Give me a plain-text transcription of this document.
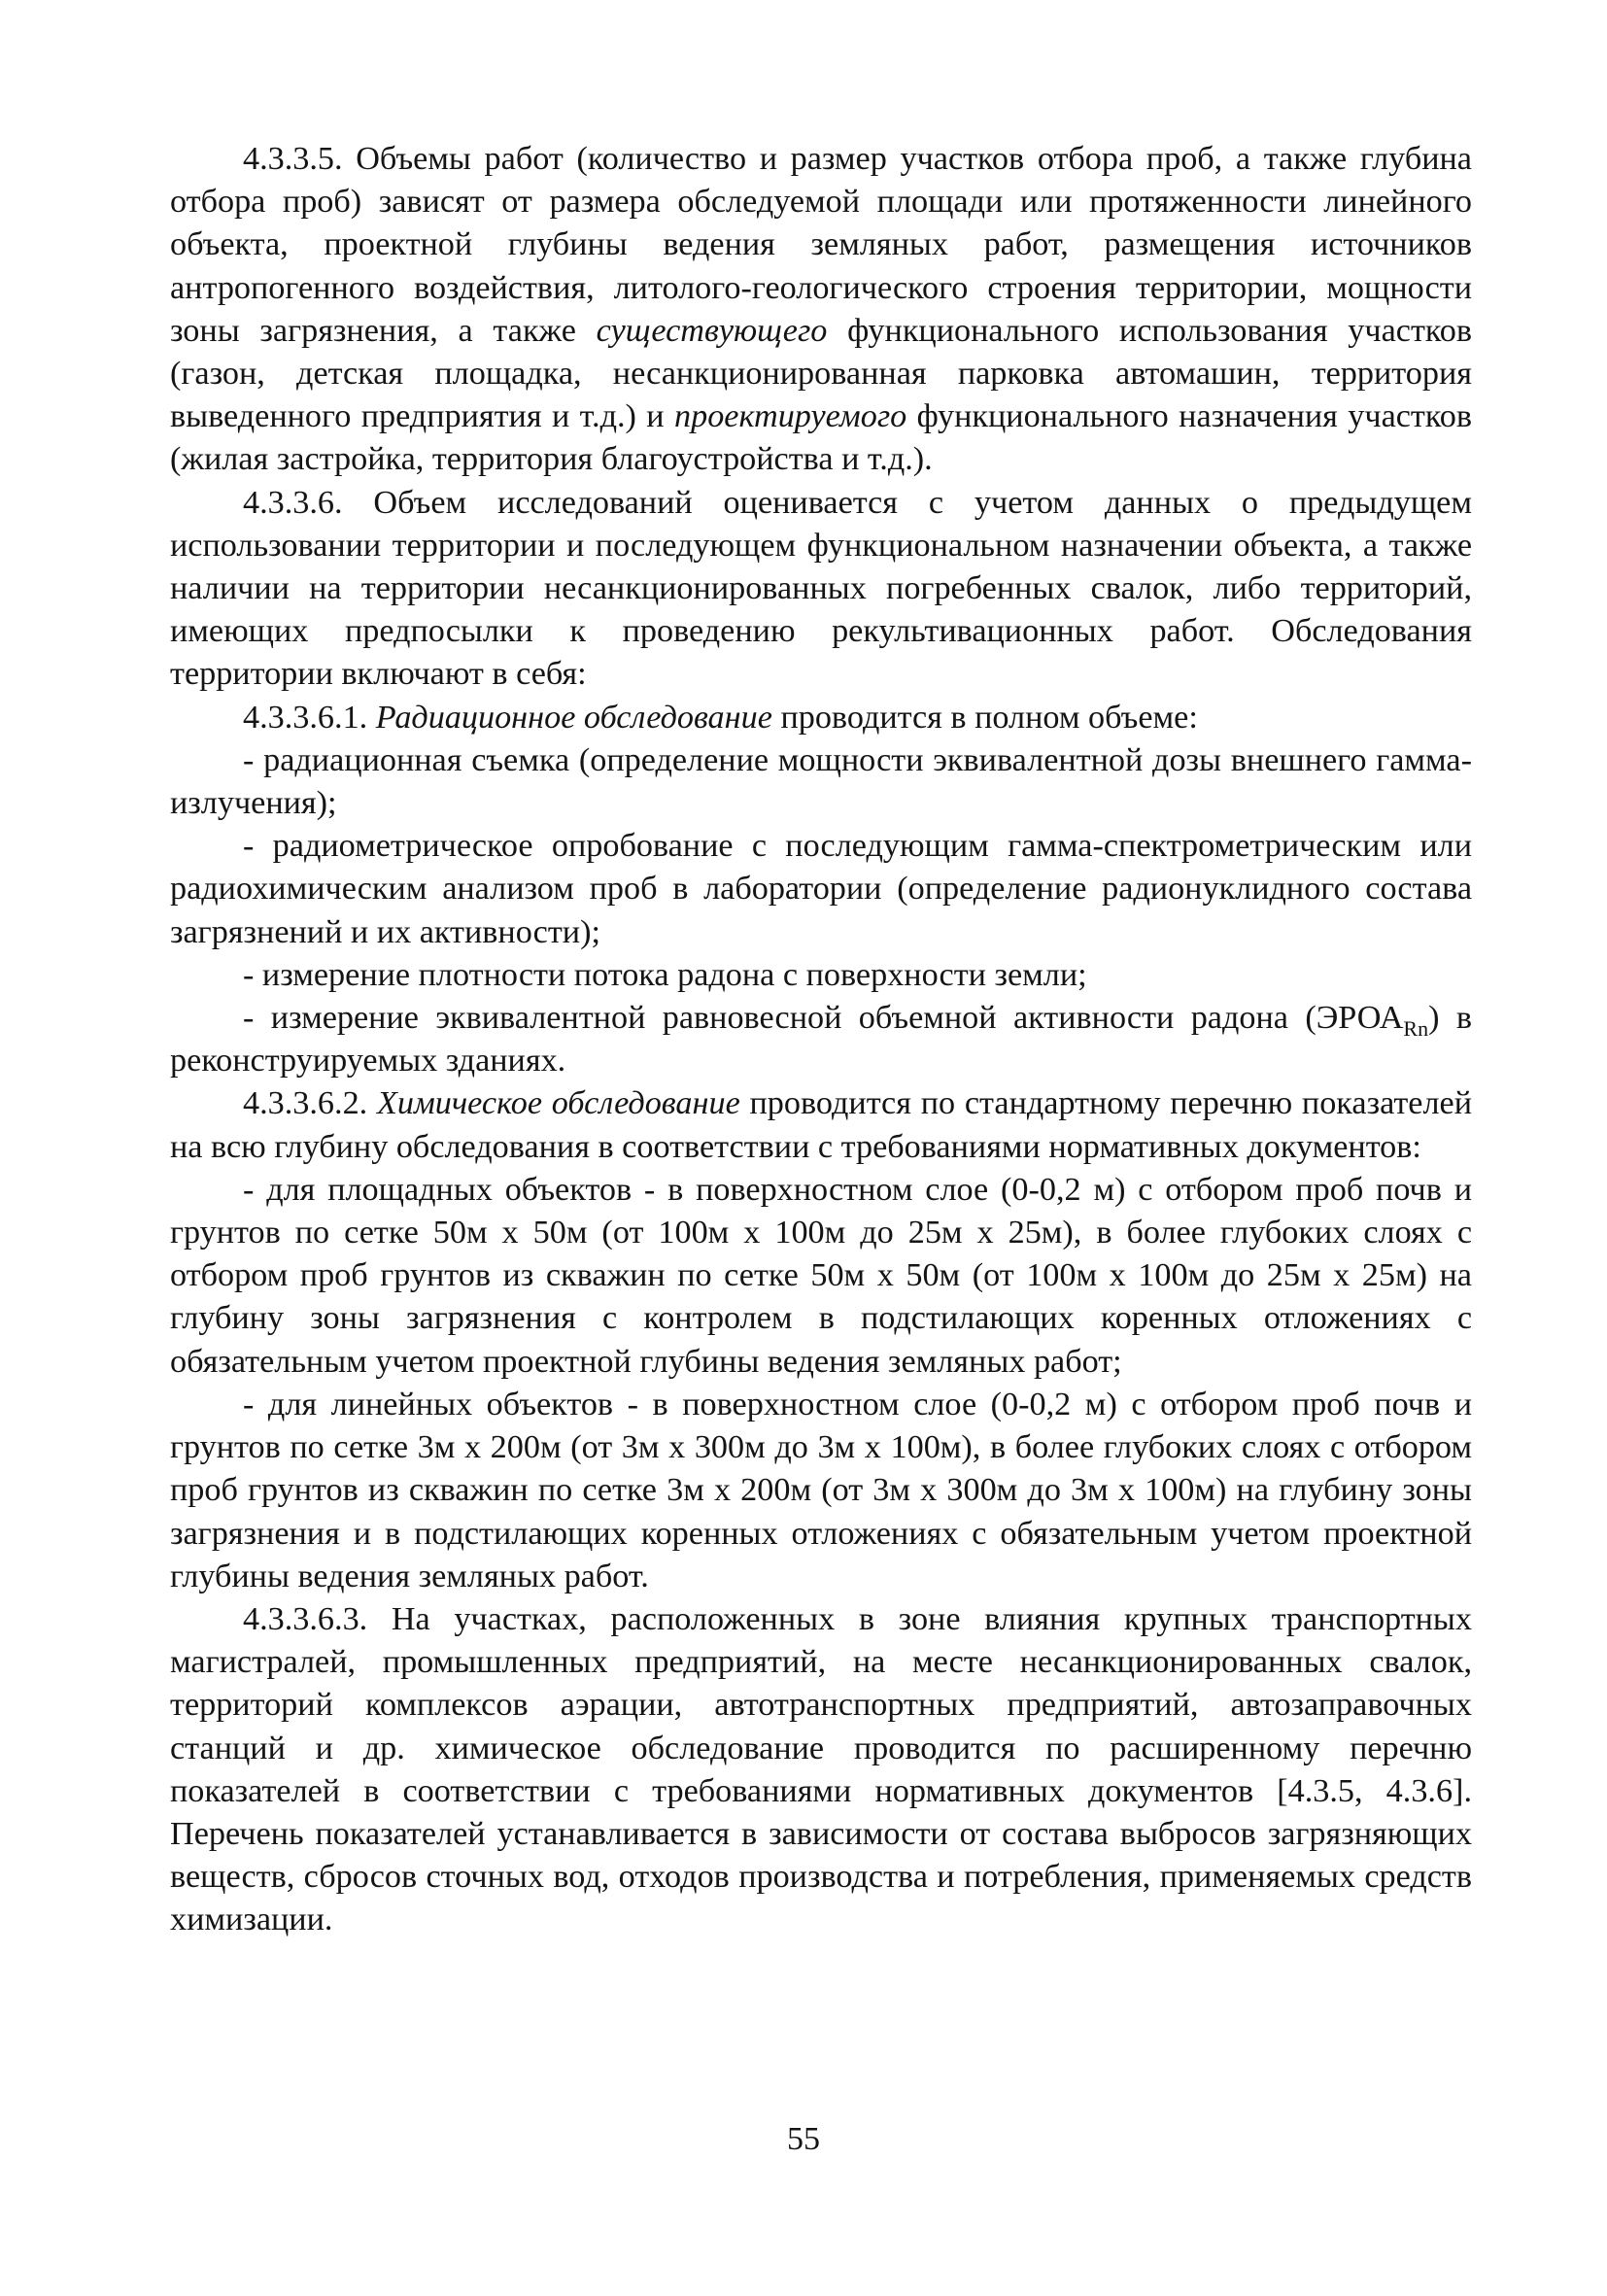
4.3.3.5. Объемы работ (количество и размер участков отбора проб, а также глубина отбора проб) зависят от размера обследуемой площади или протяженности линейного объекта, проектной глубины ведения земляных работ, размещения источников антропогенного воздействия, литолого-геологического строения территории, мощности зоны загрязнения, а также существующего функционального использования участков (газон, детская площадка, несанкционированная парковка автомашин, территория выведенного предприятия и т.д.) и проектируемого функционального назначения участков (жилая застройка, территория благоустройства и т.д.).

4.3.3.6. Объем исследований оценивается с учетом данных о предыдущем использовании территории и последующем функциональном назначении объекта, а также наличии на территории несанкционированных погребенных свалок, либо территорий, имеющих предпосылки к проведению рекультивационных работ. Обследования территории включают в себя:

4.3.3.6.1. Радиационное обследование проводится в полном объеме:

- радиационная съемка (определение мощности эквивалентной дозы внешнего гамма-излучения);

- радиометрическое опробование с последующим гамма-спектрометрическим или радиохимическим анализом проб в лаборатории (определение радионуклидного состава загрязнений и их активности);

- измерение плотности потока радона с поверхности земли;

- измерение эквивалентной равновесной объемной активности радона $(ЭРОА_{Rn})$ в реконструируемых зданиях.

4.3.3.6.2. Химическое обследование проводится по стандартному перечню показателей на всю глубину обследования в соответствии с требованиями нормативных документов:

- для площадных объектов - в поверхностном слое (0-0,2 м) с отбором проб почв и грунтов по сетке 50м х 50м (от 100м х 100м до 25м х 25м), в более глубоких слоях с отбором проб грунтов из скважин по сетке 50м х 50м (от 100м х 100м до 25м х 25м) на глубину зоны загрязнения с контролем в подстилающих коренных отложениях с обязательным учетом проектной глубины ведения земляных работ;

- для линейных объектов - в поверхностном слое (0-0,2 м) с отбором проб почв и грунтов по сетке 3м х 200м (от 3м х 300м до 3м х 100м), в более глубоких слоях с отбором проб грунтов из скважин по сетке 3м х 200м (от 3м х 300м до 3м х 100м) на глубину зоны загрязнения и в подстилающих коренных отложениях с обязательным учетом проектной глубины ведения земляных работ.

4.3.3.6.3. На участках, расположенных в зоне влияния крупных транспортных магистралей, промышленных предприятий, на месте несанкционированных свалок, территорий комплексов аэрации, автотранспортных предприятий, автозаправочных станций и др. химическое обследование проводится по расширенному перечню показателей в соответствии с требованиями нормативных документов [4.3.5, 4.3.6]. Перечень показателей устанавливается в зависимости от состава выбросов загрязняющих веществ, сбросов сточных вод, отходов производства и потребления, применяемых средств химизации.

55
